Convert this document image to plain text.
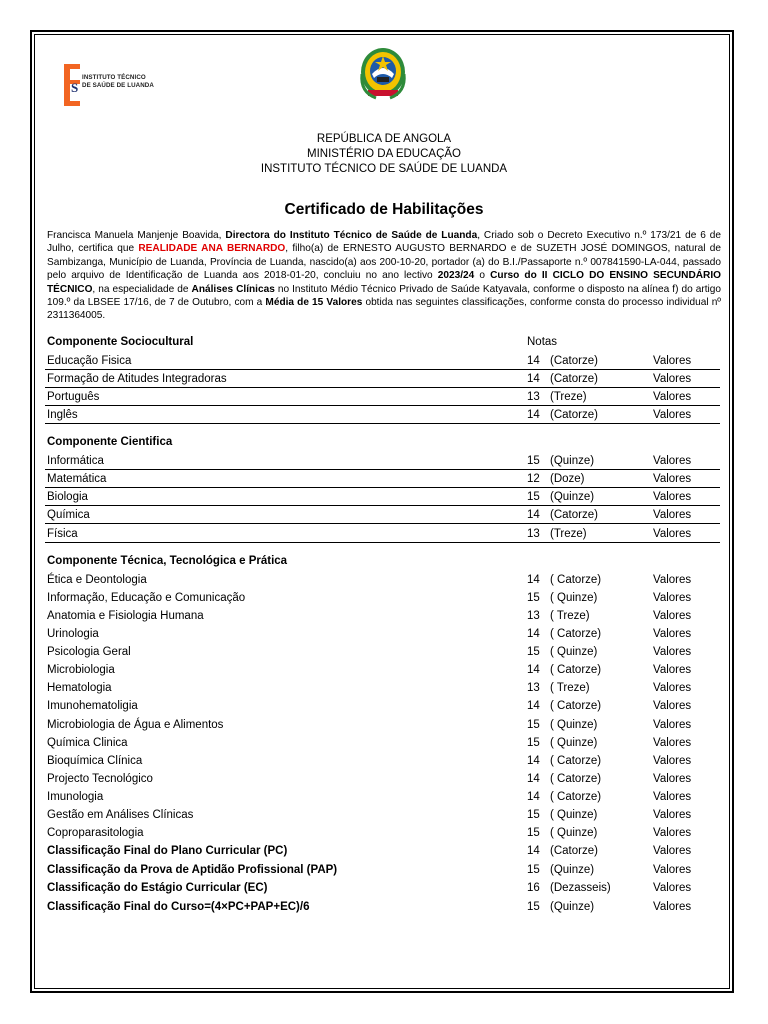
S
INSTITUTO TÉCNICO
DE SAÚDE DE LUANDA
REPÚBLICA DE ANGOLA
MINISTÉRIO DA EDUCAÇÃO
INSTITUTO TÉCNICO DE SAÚDE DE LUANDA
Certificado de Habilitações
Francisca Manuela Manjenje Boavida, Directora do Instituto Técnico de Saúde de Luanda, Criado sob o Decreto Executivo n.º 173/21 de 6 de Julho, certifica que REALIDADE ANA BERNARDO, filho(a) de ERNESTO AUGUSTO BERNARDO e de SUZETH JOSÉ DOMINGOS, natural de Sambizanga, Município de Luanda, Província de Luanda, nascido(a) aos 200-10-20, portador (a) do B.I./Passaporte n.º 007841590-LA-044, passado pelo arquivo de Identificação de Luanda aos 2018-01-20, concluiu no ano lectivo 2023/24 o Curso do II CICLO DO ENSINO SECUNDÁRIO TÉCNICO, na especialidade de Análises Clínicas no Instituto Médio Técnico Privado de Saúde Katyavala, conforme o disposto na alínea f) do artigo 109.º da LBSEE 17/16, de 7 de Outubro, com a Média de 15 Valores obtida nas seguintes classificações, conforme consta do processo individual nº 2311364005.
Notas
Componente Sociocultural
Educação Fisica	14 (Catorze)	Valores
Formação de Atitudes Integradoras	14 (Catorze)	Valores
Português	13 (Treze)	Valores
Inglês	14 (Catorze)	Valores
Componente Cientifica
Informática	15 (Quinze)	Valores
Matemática	12 (Doze)	Valores
Biologia	15 (Quinze)	Valores
Química	14 (Catorze)	Valores
Física	13 (Treze)	Valores
Componente Técnica, Tecnológica e Prática
Ética e Deontologia	14 ( Catorze)	Valores
Informação, Educação e Comunicação	15 ( Quinze)	Valores
Anatomia e Fisiologia Humana	13 ( Treze)	Valores
Urinologia	14 ( Catorze)	Valores
Psicologia Geral	15 ( Quinze)	Valores
Microbiologia	14 ( Catorze)	Valores
Hematologia	13 ( Treze)	Valores
Imunohematoligia	14 ( Catorze)	Valores
Microbiologia de Água e Alimentos	15 ( Quinze)	Valores
Química Clinica	15 ( Quinze)	Valores
Bioquímica Clínica	14 ( Catorze)	Valores
Projecto Tecnológico	14 ( Catorze)	Valores
Imunologia	14 ( Catorze)	Valores
Gestão em Análises Clínicas	15 ( Quinze)	Valores
Coproparasitologia	15 ( Quinze)	Valores
Classificação Final do Plano Curricular (PC)	14 (Catorze)	Valores
Classificação da Prova de Aptidão Profissional (PAP)	15 (Quinze)	Valores
Classificação do Estágio Curricular (EC)	16 (Dezasseis)	Valores
Classificação Final do Curso=(4×PC+PAP+EC)/6	15 (Quinze)	Valores
